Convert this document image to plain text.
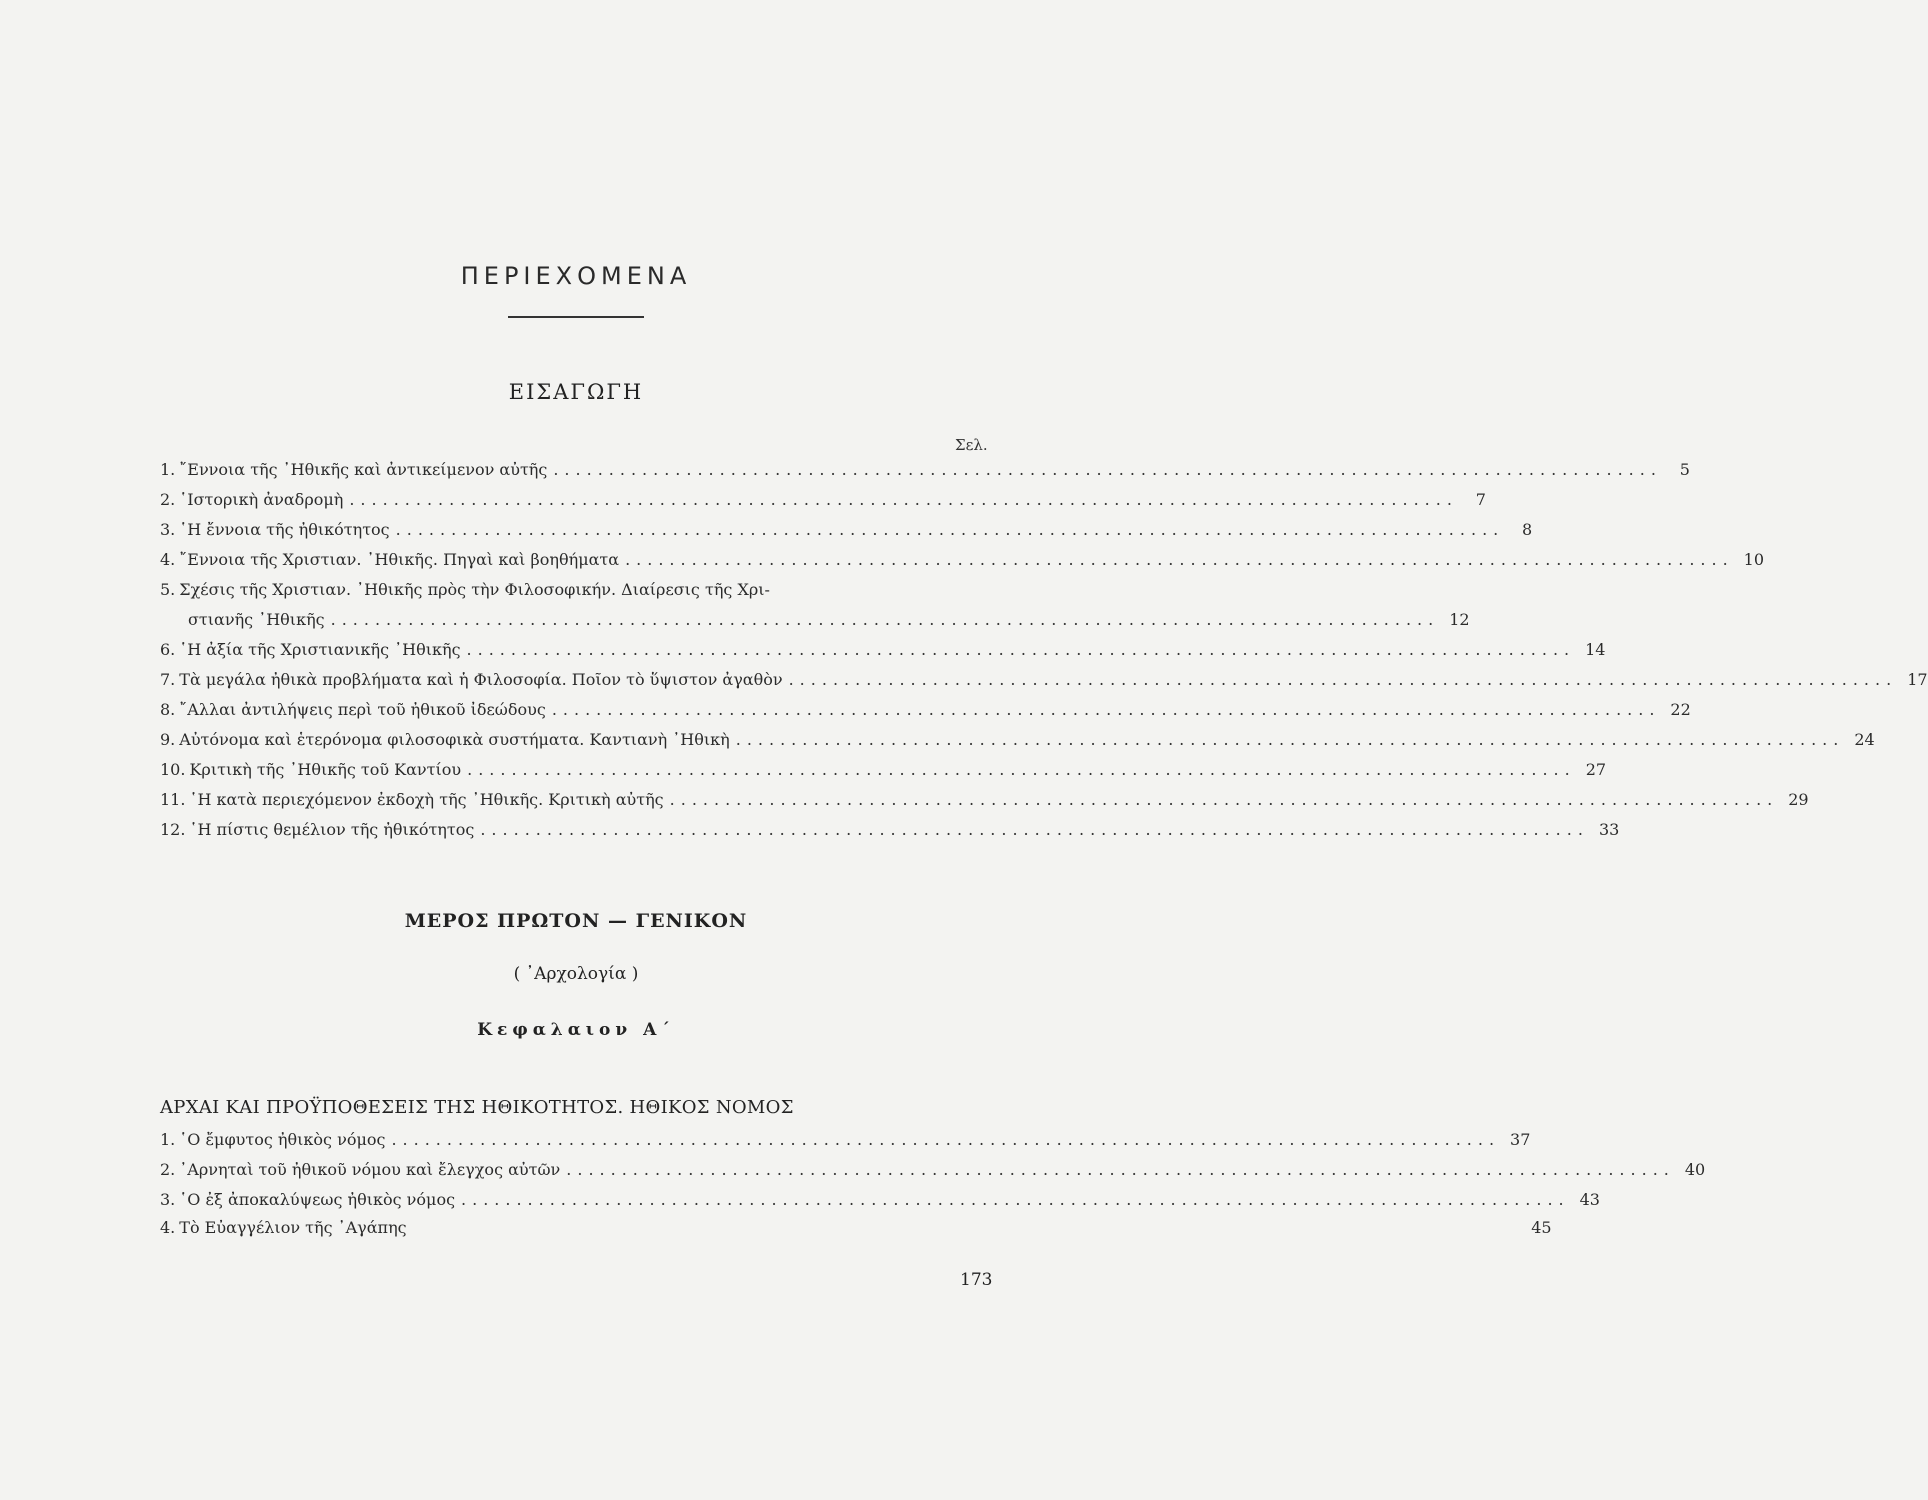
ΠΕΡΙΕΧΟΜΕΝΑ
ΕΙΣΑΓΩΓΗ
Σελ.
1. ῎Εννοια τῆς ᾿Ηθικῆς καὶ ἀντικείμενον αὐτῆς ....................................................................................................	5
2. ῾Ιστορικὴ ἀναδρομὴ ....................................................................................................	7
3. ῾Η ἔννοια τῆς ἠθικότητος ....................................................................................................	8
4. ῎Εννοια τῆς Χριστιαν. ᾿Ηθικῆς. Πηγαὶ καὶ βοηθήματα .................................................................................................... 10
5. Σχέσις τῆς Χριστιαν. ᾿Ηθικῆς πρὸς τὴν Φιλοσοφικήν. Διαίρεσις τῆς Χρι-
στιανῆς ᾿Ηθικῆς .................................................................................................... 12
6. ῾Η ἀξία τῆς Χριστιανικῆς ᾿Ηθικῆς .................................................................................................... 14
7. Τὰ μεγάλα ἠθικὰ προβλήματα καὶ ἡ Φιλοσοφία. Ποῖον τὸ ὕψιστον ἀγαθὸν .................................................................................................... 17
8. ῎Αλλαι ἀντιλήψεις περὶ τοῦ ἠθικοῦ ἰδεώδους .................................................................................................... 22
9. Αὐτόνομα καὶ ἑτερόνομα φιλοσοφικὰ συστήματα. Καντιανὴ ᾿Ηθικὴ .................................................................................................... 24
10. Κριτικὴ τῆς ᾿Ηθικῆς τοῦ Καντίου .................................................................................................... 27
11. ῾Η κατὰ περιεχόμενον ἐκδοχὴ τῆς ᾿Ηθικῆς. Κριτικὴ αὐτῆς .................................................................................................... 29
12. ῾Η πίστις θεμέλιον τῆς ἠθικότητος .................................................................................................... 33
ΜΕΡΟΣ ΠΡΩΤΟΝ — ΓΕΝΙΚΟΝ
( ᾿Αρχολογία )
Κεφαλαιον Α΄
ΑΡΧΑΙ ΚΑΙ ΠΡΟΫΠΟΘΕΣΕΙΣ ΤΗΣ ΗΘΙΚΟΤΗΤΟΣ. ΗΘΙΚΟΣ ΝΟΜΟΣ
1. ῾Ο ἔμφυτος ἠθικὸς νόμος .................................................................................................... 37
2. ᾿Αρνηταὶ τοῦ ἠθικοῦ νόμου καὶ ἔλεγχος αὐτῶν .................................................................................................... 40
3. ῾Ο ἐξ ἀποκαλύψεως ἠθικὸς νόμος .................................................................................................... 43
4. Τὸ Εὐαγγέλιον τῆς ᾿Αγάπης	45
173
